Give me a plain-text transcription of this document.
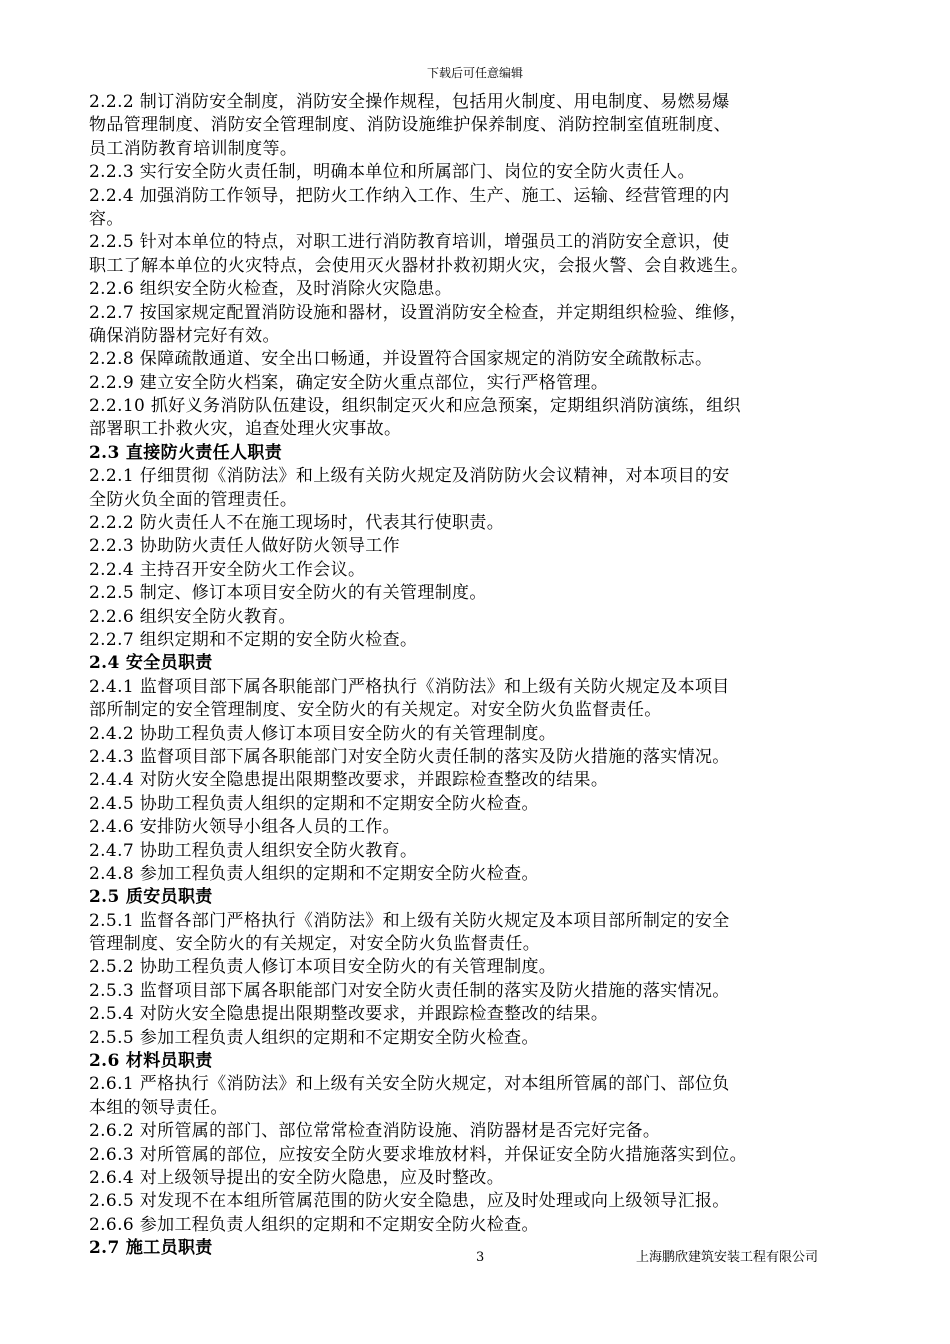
下载后可任意编辑
2.2.2 制订消防安全制度，消防安全操作规程，包括用火制度、用电制度、易燃易爆
物品管理制度、消防安全管理制度、消防设施维护保养制度、消防控制室值班制度、
员工消防教育培训制度等。
2.2.3 实行安全防火责任制，明确本单位和所属部门、岗位的安全防火责任人。
2.2.4 加强消防工作领导，把防火工作纳入工作、生产、施工、运输、经营管理的内
容。
2.2.5 针对本单位的特点，对职工进行消防教育培训，增强员工的消防安全意识，使
职工了解本单位的火灾特点，会使用灭火器材扑救初期火灾，会报火警、会自救逃生。
2.2.6 组织安全防火检查，及时消除火灾隐患。
2.2.7 按国家规定配置消防设施和器材，设置消防安全检查，并定期组织检验、维修，
确保消防器材完好有效。
2.2.8 保障疏散通道、安全出口畅通，并设置符合国家规定的消防安全疏散标志。
2.2.9 建立安全防火档案，确定安全防火重点部位，实行严格管理。
2.2.10 抓好义务消防队伍建设，组织制定灭火和应急预案，定期组织消防演练，组织
部署职工扑救火灾，追查处理火灾事故。
2.3 直接防火责任人职责
2.2.1 仔细贯彻《消防法》和上级有关防火规定及消防防火会议精神，对本项目的安
全防火负全面的管理责任。
2.2.2 防火责任人不在施工现场时，代表其行使职责。
2.2.3 协助防火责任人做好防火领导工作
2.2.4 主持召开安全防火工作会议。
2.2.5 制定、修订本项目安全防火的有关管理制度。
2.2.6 组织安全防火教育。
2.2.7 组织定期和不定期的安全防火检查。
2.4 安全员职责
2.4.1 监督项目部下属各职能部门严格执行《消防法》和上级有关防火规定及本项目
部所制定的安全管理制度、安全防火的有关规定。对安全防火负监督责任。
2.4.2 协助工程负责人修订本项目安全防火的有关管理制度。
2.4.3 监督项目部下属各职能部门对安全防火责任制的落实及防火措施的落实情况。
2.4.4 对防火安全隐患提出限期整改要求，并跟踪检查整改的结果。
2.4.5 协助工程负责人组织的定期和不定期安全防火检查。
2.4.6 安排防火领导小组各人员的工作。
2.4.7 协助工程负责人组织安全防火教育。
2.4.8 参加工程负责人组织的定期和不定期安全防火检查。
2.5 质安员职责
2.5.1 监督各部门严格执行《消防法》和上级有关防火规定及本项目部所制定的安全
管理制度、安全防火的有关规定，对安全防火负监督责任。
2.5.2 协助工程负责人修订本项目安全防火的有关管理制度。
2.5.3 监督项目部下属各职能部门对安全防火责任制的落实及防火措施的落实情况。
2.5.4 对防火安全隐患提出限期整改要求，并跟踪检查整改的结果。
2.5.5 参加工程负责人组织的定期和不定期安全防火检查。
2.6 材料员职责
2.6.1 严格执行《消防法》和上级有关安全防火规定，对本组所管属的部门、部位负
本组的领导责任。
2.6.2 对所管属的部门、部位常常检查消防设施、消防器材是否完好完备。
2.6.3 对所管属的部位，应按安全防火要求堆放材料，并保证安全防火措施落实到位。
2.6.4 对上级领导提出的安全防火隐患，应及时整改。
2.6.5 对发现不在本组所管属范围的防火安全隐患，应及时处理或向上级领导汇报。
2.6.6 参加工程负责人组织的定期和不定期安全防火检查。
2.7 施工员职责	3	上海鹏欣建筑安装工程有限公司
